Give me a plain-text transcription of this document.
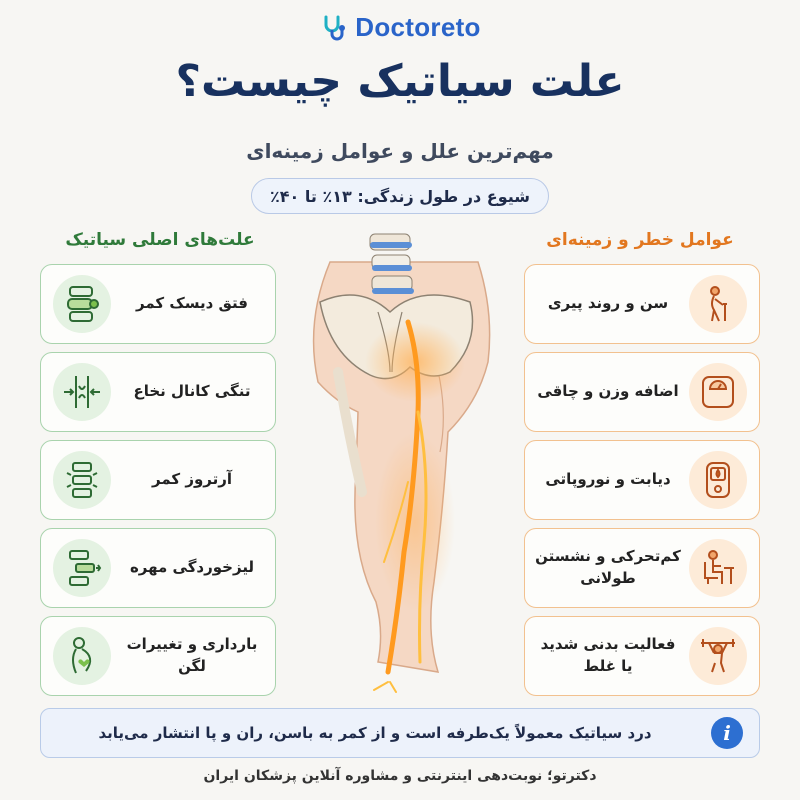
Doctoreto
علت سیاتیک چیست؟
مهم‌ترین علل و عوامل زمینه‌ای
شیوع در طول زندگی: ۱۳٪ تا ۴۰٪
علت‌های اصلی سیاتیک	عوامل خطر و زمینه‌ای
فتق دیسک کمر
تنگی کانال نخاع
آرتروز کمر
لیزخوردگی مهره
بارداری و تغییرات لگن
سن و روند پیری
اضافه وزن و چاقی
دیابت و نوروپاتی
کم‌تحرکی و نشستن طولانی
فعالیت بدنی شدید یا غلط
i
درد سیاتیک معمولاً یک‌طرفه است و از کمر به باسن، ران و پا انتشار می‌یابد
دکترتو؛ نوبت‌دهی اینترنتی و مشاوره آنلاین پزشکان ایران
